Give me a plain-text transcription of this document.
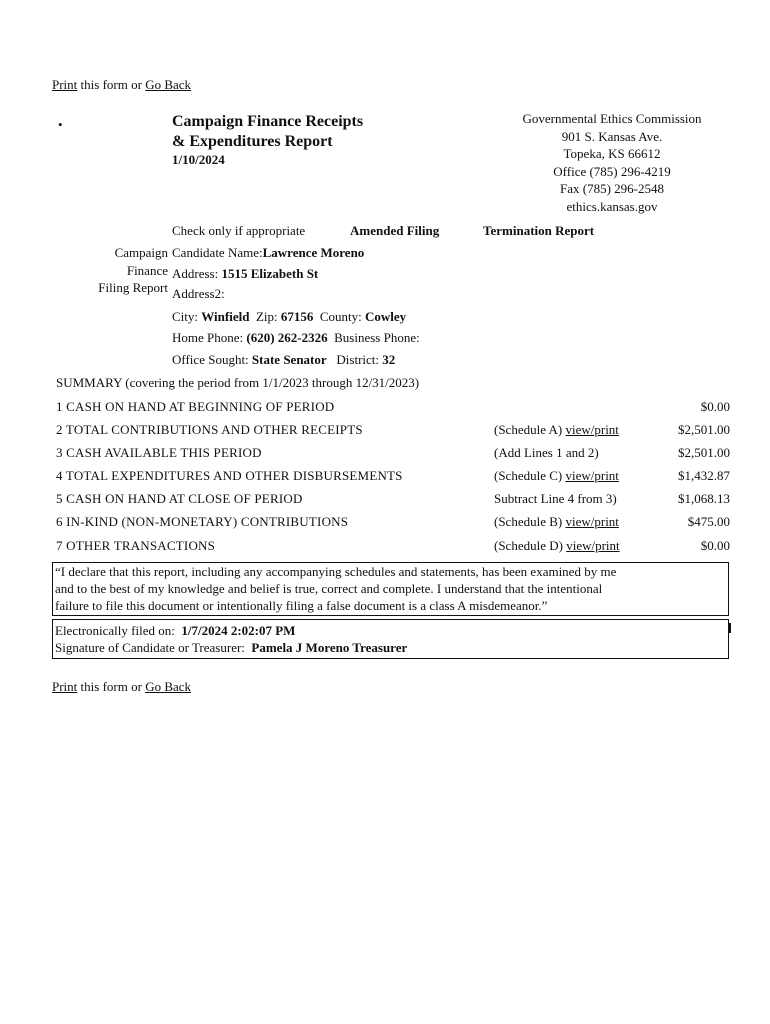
Print this form or Go Back
•	Campaign Finance Receipts
& Expenditures Report
1/10/2024
Governmental Ethics Commission
901 S. Kansas Ave.
Topeka, KS 66612
Office (785) 296-4219
Fax (785) 296-2548
ethics.kansas.gov
Check only if appropriate	Amended Filing	Termination Report
Campaign
Finance
Filing Report
Candidate Name:Lawrence Moreno
Address: 1515 Elizabeth St
Address2:
City: Winfield Zip: 67156 County: Cowley
Home Phone: (620) 262-2326 Business Phone:
Office Sought: State Senator District: 32
SUMMARY (covering the period from 1/1/2023 through 12/31/2023)
1 CASH ON HAND AT BEGINNING OF PERIOD	$0.00
2 TOTAL CONTRIBUTIONS AND OTHER RECEIPTS	(Schedule A) view/print	$2,501.00
3 CASH AVAILABLE THIS PERIOD	(Add Lines 1 and 2)	$2,501.00
4 TOTAL EXPENDITURES AND OTHER DISBURSEMENTS	(Schedule C) view/print	$1,432.87
5 CASH ON HAND AT CLOSE OF PERIOD	Subtract Line 4 from 3)	$1,068.13
6 IN-KIND (NON-MONETARY) CONTRIBUTIONS	(Schedule B) view/print	$475.00
7 OTHER TRANSACTIONS	(Schedule D) view/print	$0.00
“I declare that this report, including any accompanying schedules and statements, has been examined by me
and to the best of my knowledge and belief is true, correct and complete. I understand that the intentional
failure to file this document or intentionally filing a false document is a class A misdemeanor.”
Electronically filed on: 1/7/2024 2:02:07 PM
Signature of Candidate or Treasurer: Pamela J Moreno Treasurer
Print this form or Go Back
